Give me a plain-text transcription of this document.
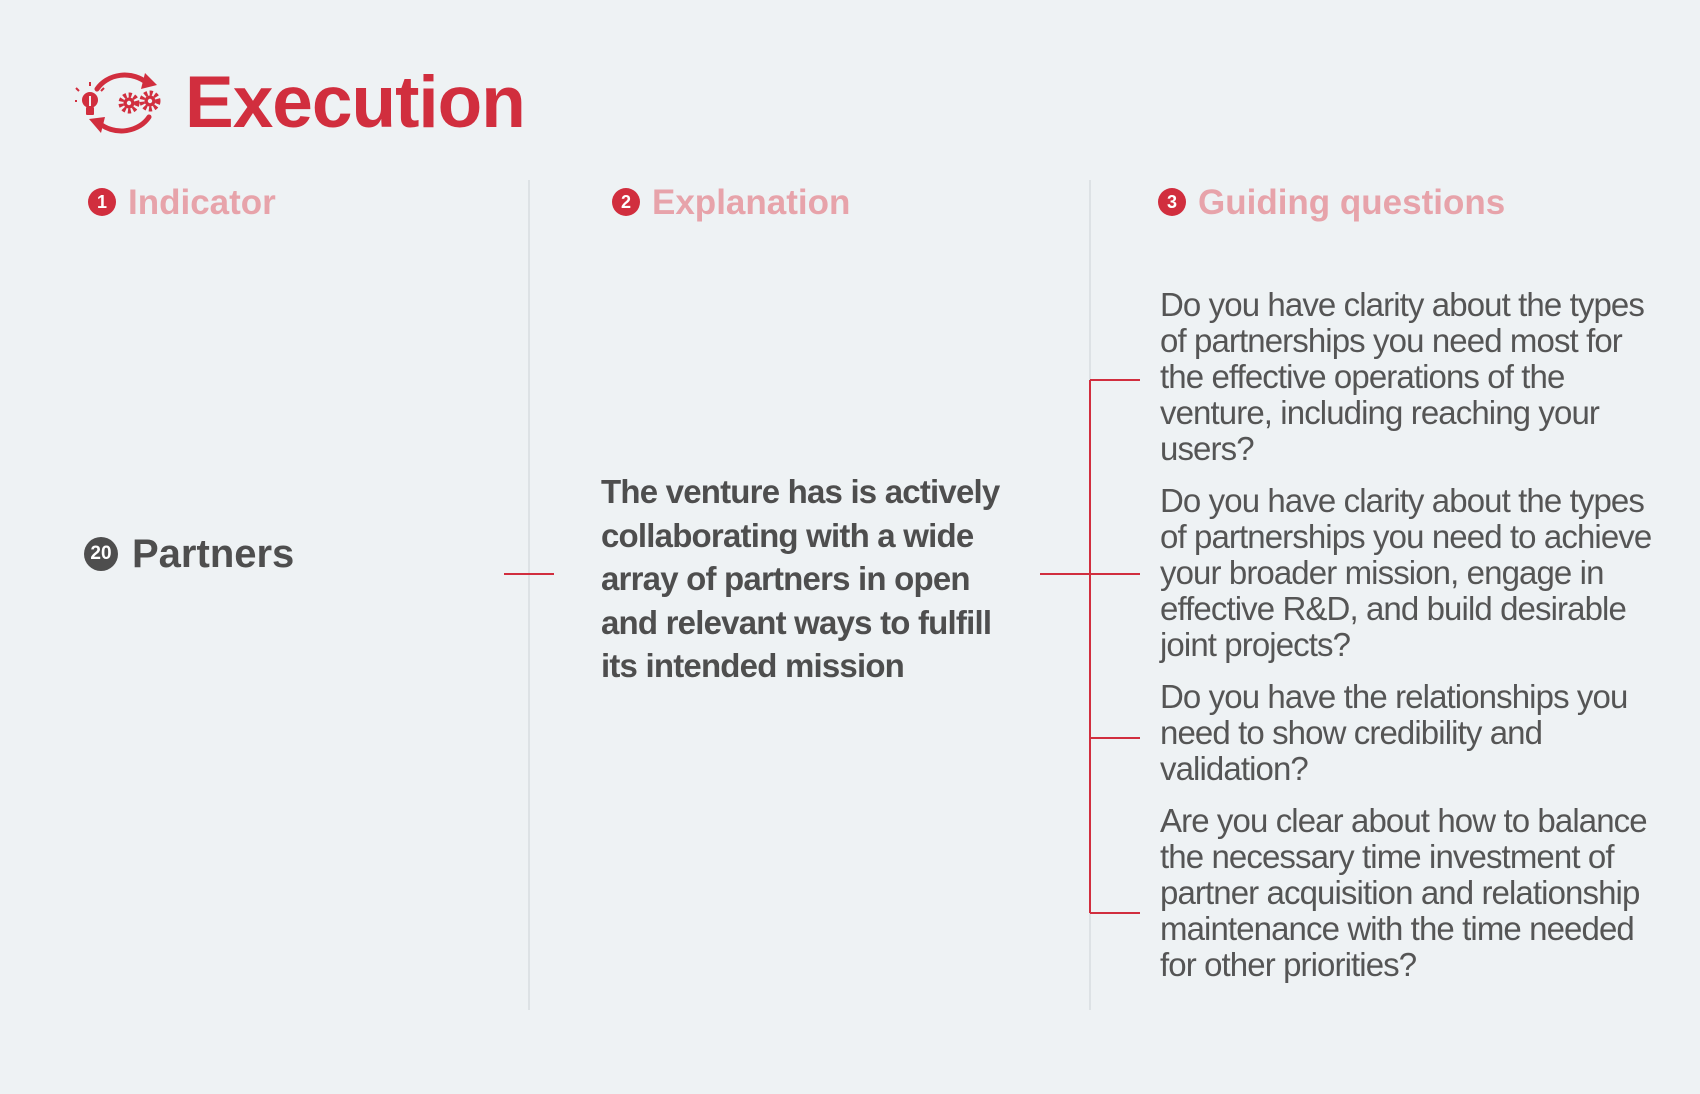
Execution
1 Indicator	2 Explanation	3 Guiding questions
20 Partners
The venture has is actively collaborating with a wide array of partners in open and relevant ways to fulfill its intended mission
Do you have clarity about the types of partnerships you need most for the effective operations of the venture, including reaching your users?
Do you have clarity about the types of partnerships you need to achieve your broader mission, engage in effective R&D, and build desirable joint projects?
Do you have the relationships you need to show credibility and validation?
Are you clear about how to balance the necessary time investment of partner acquisition and relationship maintenance with the time needed for other priorities?
